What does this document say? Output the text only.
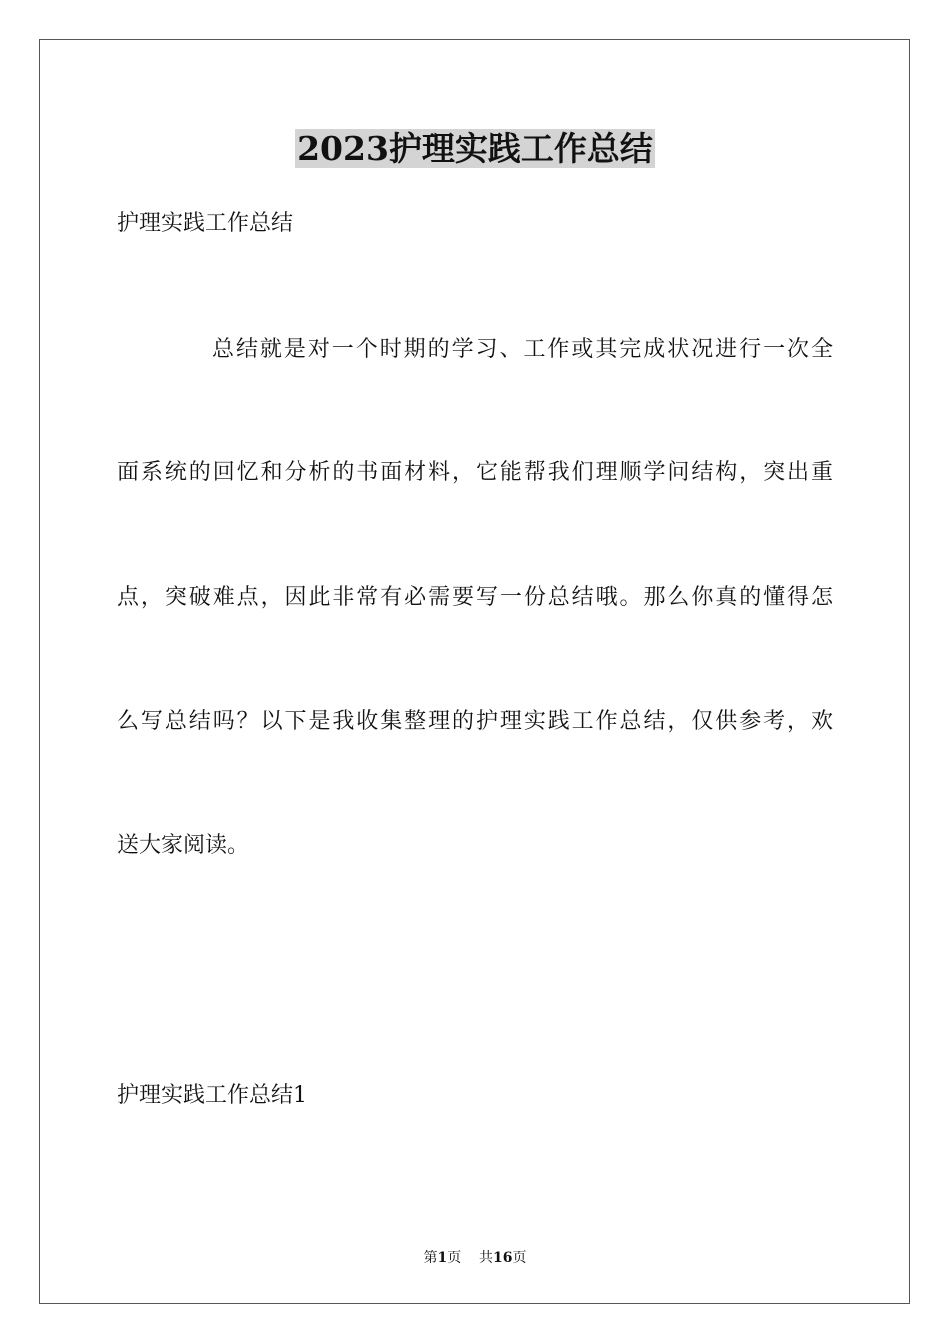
2023护理实践工作总结
护理实践工作总结
总结就是对一个时期的学习、工作或其完成状况进行一次全
面系统的回忆和分析的书面材料，它能帮我们理顺学问结构，突出重
点，突破难点，因此非常有必需要写一份总结哦。那么你真的懂得怎
么写总结吗？以下是我收集整理的护理实践工作总结，仅供参考，欢
送大家阅读。
护理实践工作总结1
第1页 共16页
